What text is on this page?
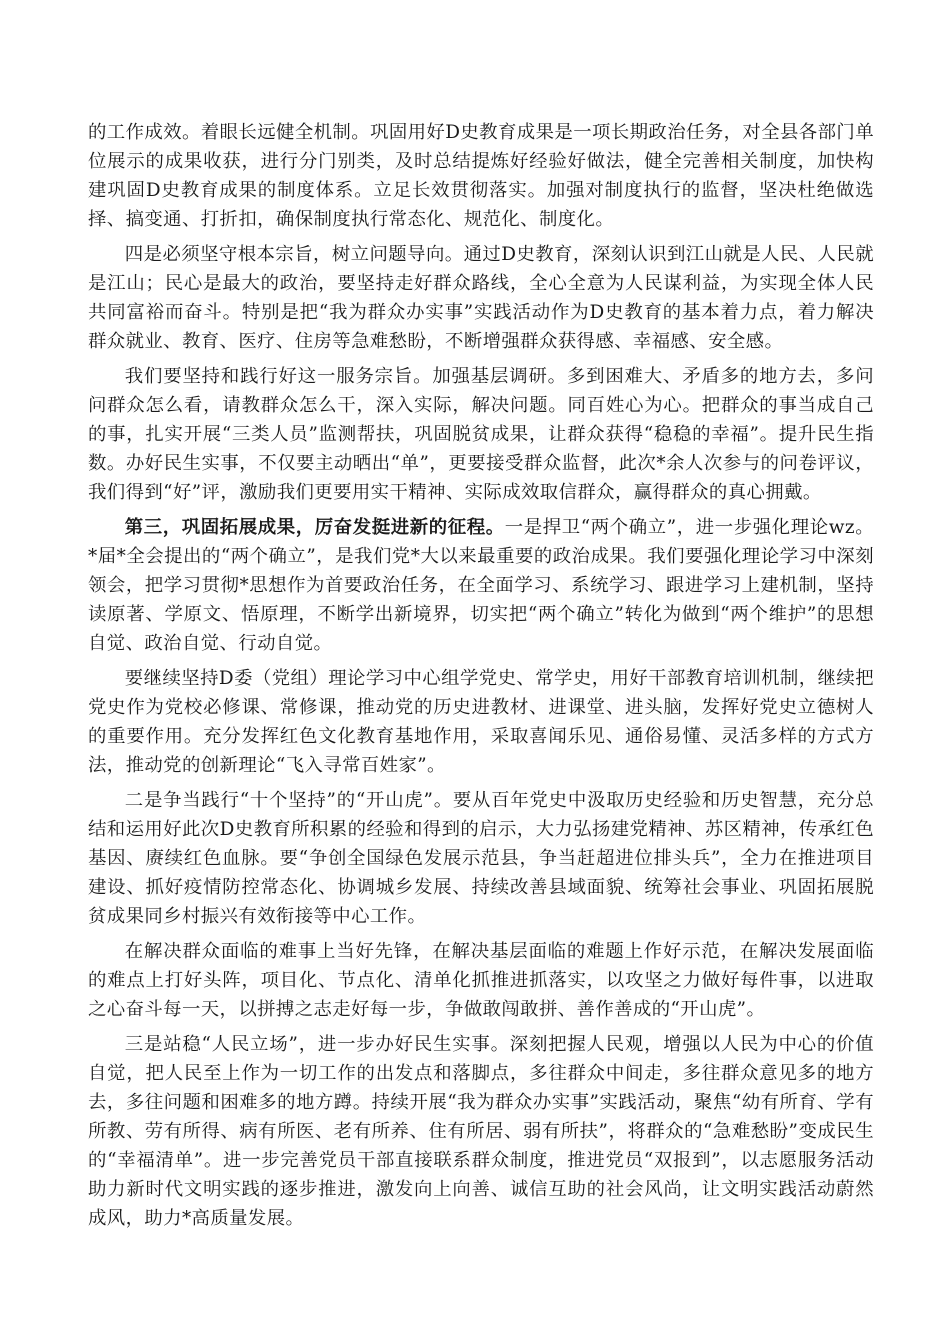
的工作成效。着眼长远健全机制。巩固用好D史教育成果是一项长期政治任务，对全县各部门单位展示的成果收获，进行分门别类，及时总结提炼好经验好做法，健全完善相关制度，加快构建巩固D史教育成果的制度体系。立足长效贯彻落实。加强对制度执行的监督，坚决杜绝做选择、搞变通、打折扣，确保制度执行常态化、规范化、制度化。

四是必须坚守根本宗旨，树立问题导向。通过D史教育，深刻认识到江山就是人民、人民就是江山；民心是最大的政治，要坚持走好群众路线，全心全意为人民谋利益，为实现全体人民共同富裕而奋斗。特别是把“我为群众办实事”实践活动作为D史教育的基本着力点，着力解决群众就业、教育、医疗、住房等急难愁盼，不断增强群众获得感、幸福感、安全感。

我们要坚持和践行好这一服务宗旨。加强基层调研。多到困难大、矛盾多的地方去，多问问群众怎么看，请教群众怎么干，深入实际，解决问题。同百姓心为心。把群众的事当成自己的事，扎实开展“三类人员”监测帮扶，巩固脱贫成果，让群众获得“稳稳的幸福”。提升民生指数。办好民生实事，不仅要主动晒出“单”，更要接受群众监督，此次*余人次参与的问卷评议，我们得到“好”评，激励我们更要用实干精神、实际成效取信群众，赢得群众的真心拥戴。

第三，巩固拓展成果，厉奋发挺进新的征程。一是捍卫“两个确立”，进一步强化理论wz。*届*全会提出的“两个确立”，是我们党*大以来最重要的政治成果。我们要强化理论学习中深刻领会，把学习贯彻*思想作为首要政治任务，在全面学习、系统学习、跟进学习上建机制，坚持读原著、学原文、悟原理，不断学出新境界，切实把“两个确立”转化为做到“两个维护”的思想自觉、政治自觉、行动自觉。

要继续坚持D委（党组）理论学习中心组学党史、常学史，用好干部教育培训机制，继续把党史作为党校必修课、常修课，推动党的历史进教材、进课堂、进头脑，发挥好党史立德树人的重要作用。充分发挥红色文化教育基地作用，采取喜闻乐见、通俗易懂、灵活多样的方式方法，推动党的创新理论“飞入寻常百姓家”。

二是争当践行“十个坚持”的“开山虎”。要从百年党史中汲取历史经验和历史智慧，充分总结和运用好此次D史教育所积累的经验和得到的启示，大力弘扬建党精神、苏区精神，传承红色基因、赓续红色血脉。要“争创全国绿色发展示范县，争当赶超进位排头兵”，全力在推进项目建设、抓好疫情防控常态化、协调城乡发展、持续改善县域面貌、统筹社会事业、巩固拓展脱贫成果同乡村振兴有效衔接等中心工作。

在解决群众面临的难事上当好先锋，在解决基层面临的难题上作好示范，在解决发展面临的难点上打好头阵，项目化、节点化、清单化抓推进抓落实，以攻坚之力做好每件事，以进取之心奋斗每一天，以拼搏之志走好每一步，争做敢闯敢拼、善作善成的“开山虎”。

三是站稳“人民立场”，进一步办好民生实事。深刻把握人民观，增强以人民为中心的价值自觉，把人民至上作为一切工作的出发点和落脚点，多往群众中间走，多往群众意见多的地方去，多往问题和困难多的地方蹲。持续开展“我为群众办实事”实践活动，聚焦“幼有所育、学有所教、劳有所得、病有所医、老有所养、住有所居、弱有所扶”，将群众的“急难愁盼”变成民生的“幸福清单”。进一步完善党员干部直接联系群众制度，推进党员“双报到”，以志愿服务活动助力新时代文明实践的逐步推进，激发向上向善、诚信互助的社会风尚，让文明实践活动蔚然成风，助力*高质量发展。
